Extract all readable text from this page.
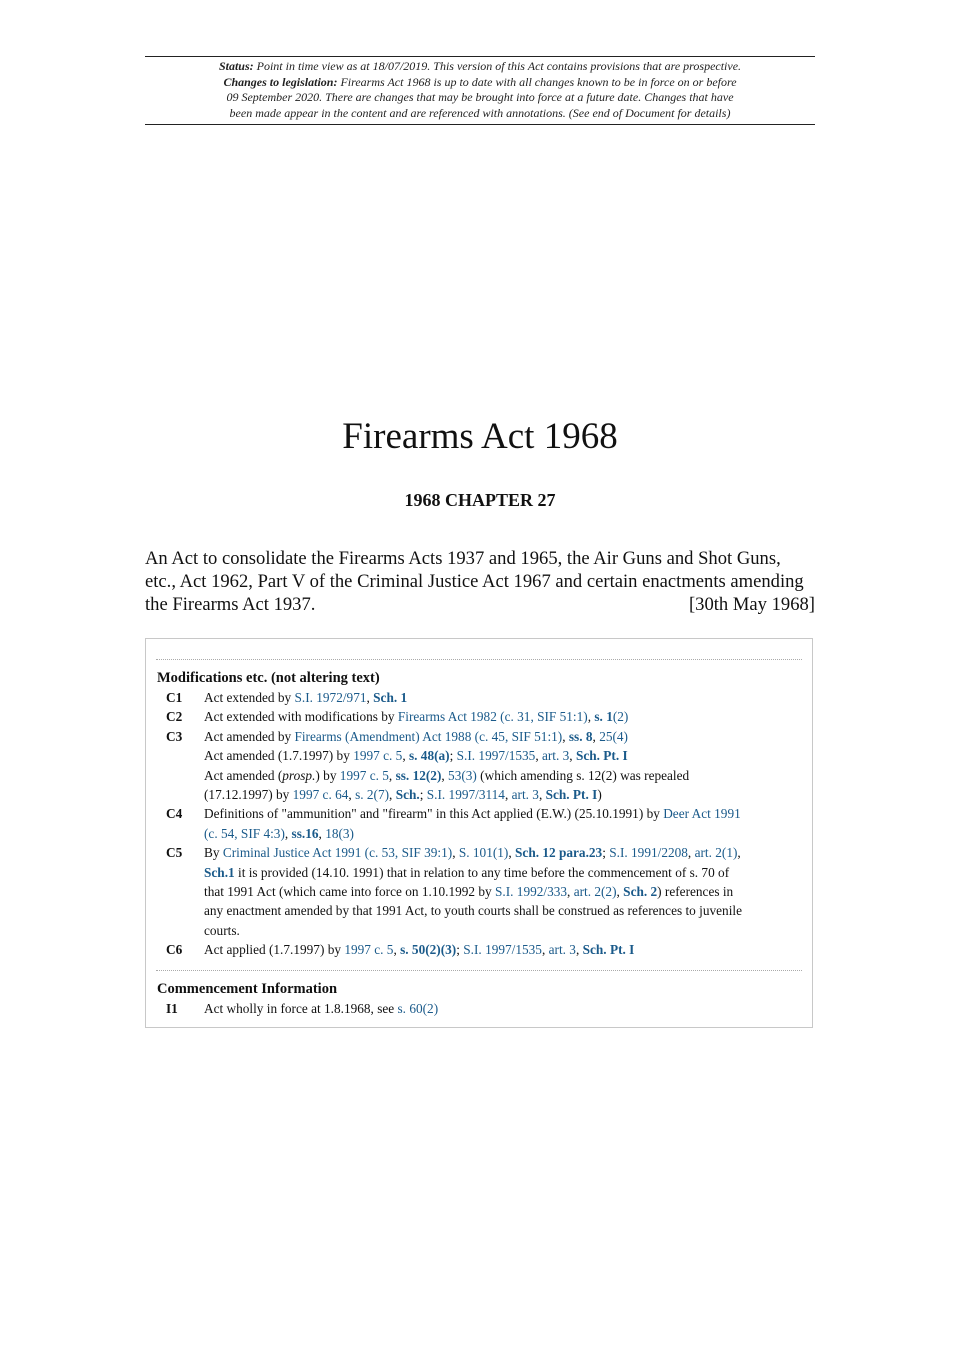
Status: Point in time view as at 18/07/2019. This version of this Act contains provisions that are prospective.
Changes to legislation: Firearms Act 1968 is up to date with all changes known to be in force on or before
09 September 2020. There are changes that may be brought into force at a future date. Changes that have
been made appear in the content and are referenced with annotations. (See end of Document for details)
Firearms Act 1968
1968 CHAPTER 27
An Act to consolidate the Firearms Acts 1937 and 1965, the Air Guns and Shot Guns,
etc., Act 1962, Part V of the Criminal Justice Act 1967 and certain enactments amending
the Firearms Act 1937.	[30th May 1968]
Modifications etc. (not altering text)
C1	Act extended by S.I. 1972/971, Sch. 1
C2	Act extended with modifications by Firearms Act 1982 (c. 31, SIF 51:1), s. 1(2)
C3	Act amended by Firearms (Amendment) Act 1988 (c. 45, SIF 51:1), ss. 8, 25(4)
Act amended (1.7.1997) by 1997 c. 5, s. 48(a); S.I. 1997/1535, art. 3, Sch. Pt. I
Act amended (prosp.) by 1997 c. 5, ss. 12(2), 53(3) (which amending s. 12(2) was repealed
(17.12.1997) by 1997 c. 64, s. 2(7), Sch.; S.I. 1997/3114, art. 3, Sch. Pt. I)
C4	Definitions of "ammunition" and "firearm" in this Act applied (E.W.) (25.10.1991) by Deer Act 1991
(c. 54, SIF 4:3), ss.16, 18(3)
C5	By Criminal Justice Act 1991 (c. 53, SIF 39:1), S. 101(1), Sch. 12 para.23; S.I. 1991/2208, art. 2(1),
Sch.1 it is provided (14.10. 1991) that in relation to any time before the commencement of s. 70 of
that 1991 Act (which came into force on 1.10.1992 by S.I. 1992/333, art. 2(2), Sch. 2) references in
any enactment amended by that 1991 Act, to youth courts shall be construed as references to juvenile
courts.
C6	Act applied (1.7.1997) by 1997 c. 5, s. 50(2)(3); S.I. 1997/1535, art. 3, Sch. Pt. I
Commencement Information
I1	Act wholly in force at 1.8.1968, see s. 60(2)
